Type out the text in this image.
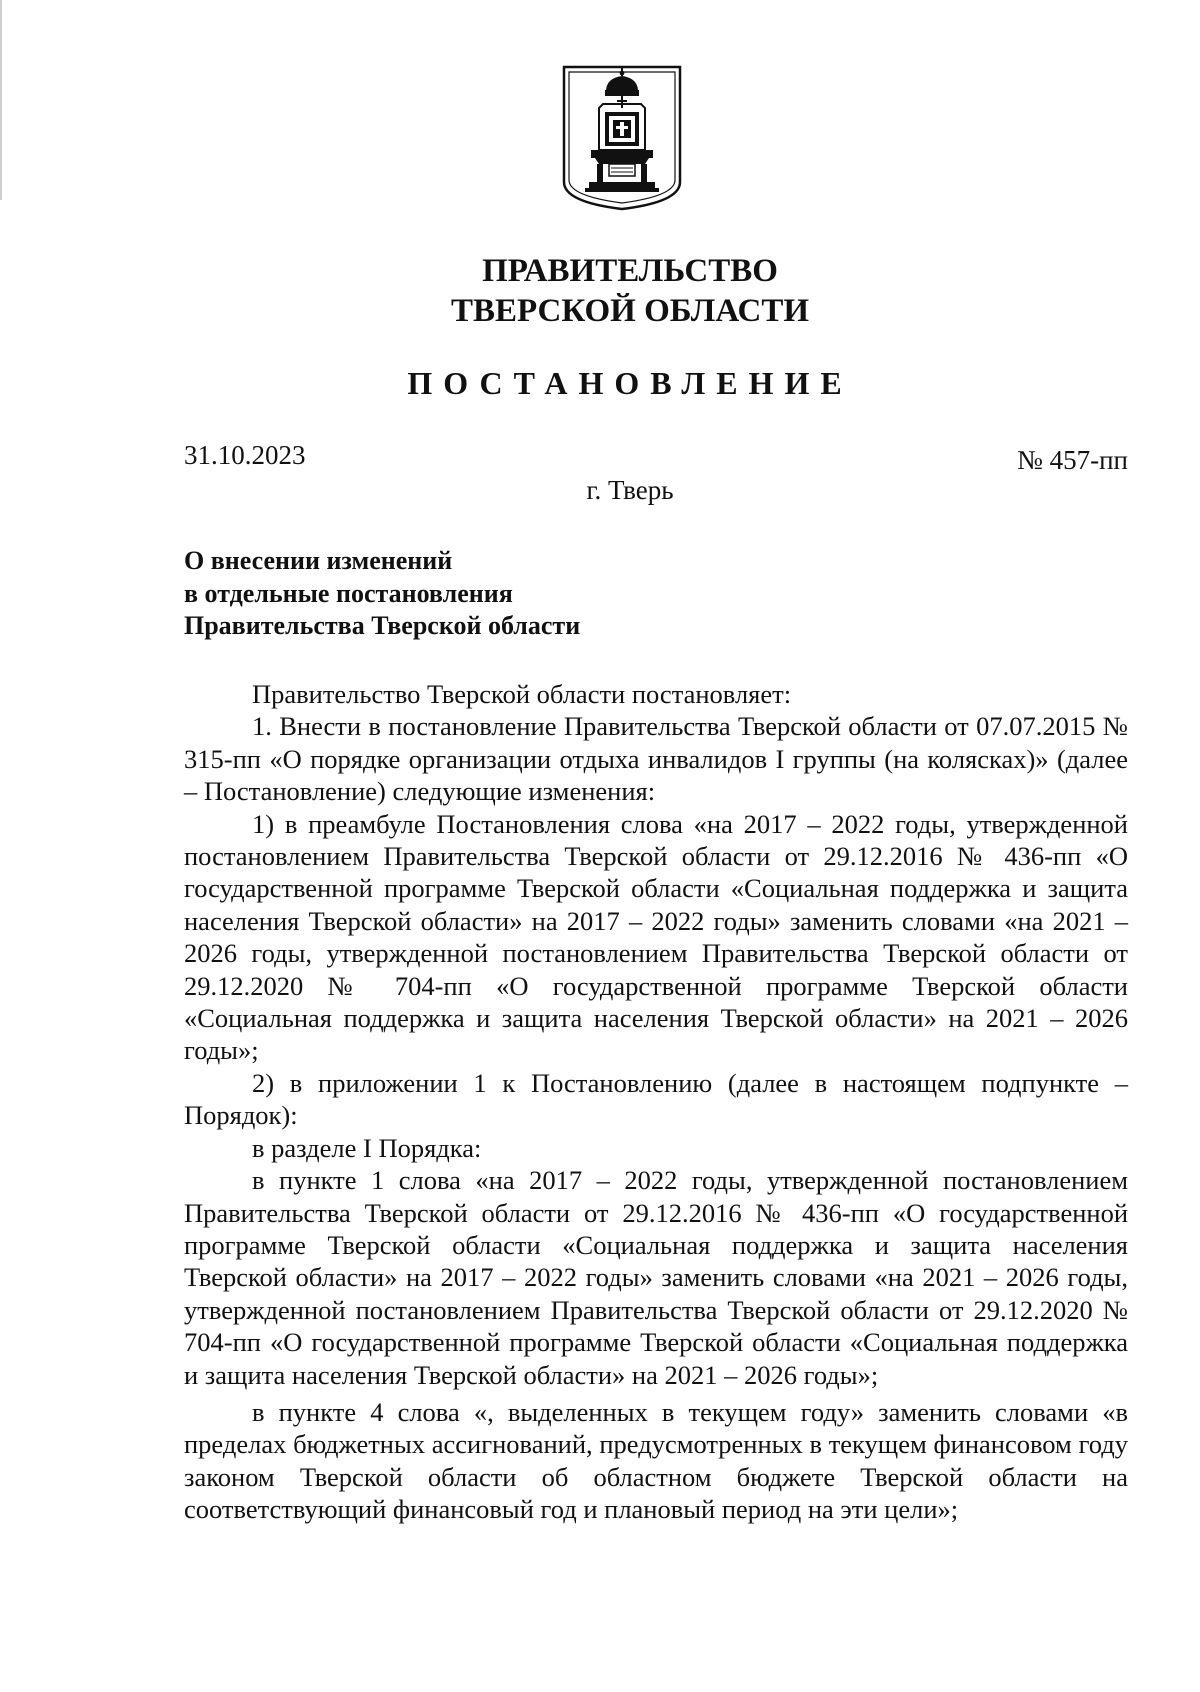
ПРАВИТЕЛЬСТВО
ТВЕРСКОЙ ОБЛАСТИ
ПОСТАНОВЛЕНИЕ
31.10.2023	№ 457-пп
г. Тверь
О внесении изменений
в отдельные постановления
Правительства Тверской области

Правительство Тверской области постановляет:

1. Внести в постановление Правительства Тверской области от 07.07.2015 № 315-пп «О порядке организации отдыха инвалидов I группы (на колясках)» (далее – Постановление) следующие изменения:

1) в преамбуле Постановления слова «на 2017 – 2022 годы, утвержденной постановлением Правительства Тверской области от 29.12.2016 № 436-пп «О государственной программе Тверской области «Социальная поддержка и защита населения Тверской области» на 2017 – 2022 годы» заменить словами «на 2021 – 2026 годы, утвержденной постановлением Правительства Тверской области от 29.12.2020 № 704-пп «О государственной программе Тверской области «Социальная поддержка и защита населения Тверской области» на 2021 – 2026 годы»;

2) в приложении 1 к Постановлению (далее в настоящем подпункте – Порядок):

в разделе I Порядка:

в пункте 1 слова «на 2017 – 2022 годы, утвержденной постановлением Правительства Тверской области от 29.12.2016 № 436-пп «О государственной программе Тверской области «Социальная поддержка и защита населения Тверской области» на 2017 – 2022 годы» заменить словами «на 2021 – 2026 годы, утвержденной постановлением Правительства Тверской области от 29.12.2020 № 704-пп «О государственной программе Тверской области «Социальная поддержка и защита населения Тверской области» на 2021 – 2026 годы»;

в пункте 4 слова «, выделенных в текущем году» заменить словами «в пределах бюджетных ассигнований, предусмотренных в текущем финансовом году законом Тверской области об областном бюджете Тверской области на соответствующий финансовый год и плановый период на эти цели»;
